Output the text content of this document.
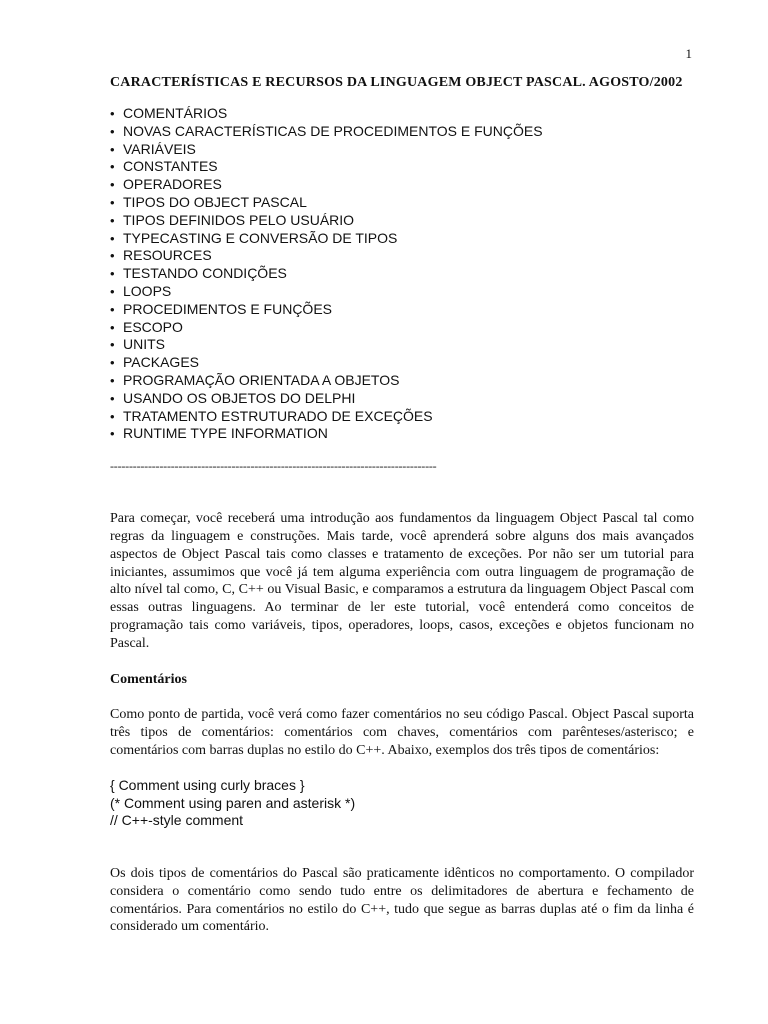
1
CARACTERÍSTICAS E RECURSOS DA LINGUAGEM OBJECT PASCAL. AGOSTO/2002
• COMENTÁRIOS
• NOVAS CARACTERÍSTICAS DE PROCEDIMENTOS E FUNÇÕES
• VARIÁVEIS
• CONSTANTES
• OPERADORES
• TIPOS DO OBJECT PASCAL
• TIPOS DEFINIDOS PELO USUÁRIO
• TYPECASTING E CONVERSÃO DE TIPOS
• RESOURCES
• TESTANDO CONDIÇÕES
• LOOPS
• PROCEDIMENTOS E FUNÇÕES
• ESCOPO
• UNITS
• PACKAGES
• PROGRAMAÇÃO ORIENTADA A OBJETOS
• USANDO OS OBJETOS DO DELPHI
• TRATAMENTO ESTRUTURADO DE EXCEÇÕES
• RUNTIME TYPE INFORMATION
--------------------------------------------------------------------------------------

Para começar, você receberá uma introdução aos fundamentos da linguagem Object Pascal tal como regras da linguagem e construções. Mais tarde, você aprenderá sobre alguns dos mais avançados aspectos de Object Pascal tais como classes e tratamento de exceções. Por não ser um tutorial para iniciantes, assumimos que você já tem alguma experiência com outra linguagem de programação de alto nível tal como, C, C++ ou Visual Basic, e comparamos a estrutura da linguagem Object Pascal com essas outras linguagens. Ao terminar de ler este tutorial, você entenderá como conceitos de programação tais como variáveis, tipos, operadores, loops, casos, exceções e objetos funcionam no Pascal.

Comentários

Como ponto de partida, você verá como fazer comentários no seu código Pascal. Object Pascal suporta três tipos de comentários: comentários com chaves, comentários com parênteses/asterisco; e comentários com barras duplas no estilo do C++. Abaixo, exemplos dos três tipos de comentários:

{ Comment using curly braces }
(* Comment using paren and asterisk *)
// C++-style comment

Os dois tipos de comentários do Pascal são praticamente idênticos no comportamento. O compilador considera o comentário como sendo tudo entre os delimitadores de abertura e fechamento de comentários. Para comentários no estilo do C++, tudo que segue as barras duplas até o fim da linha é considerado um comentário.
